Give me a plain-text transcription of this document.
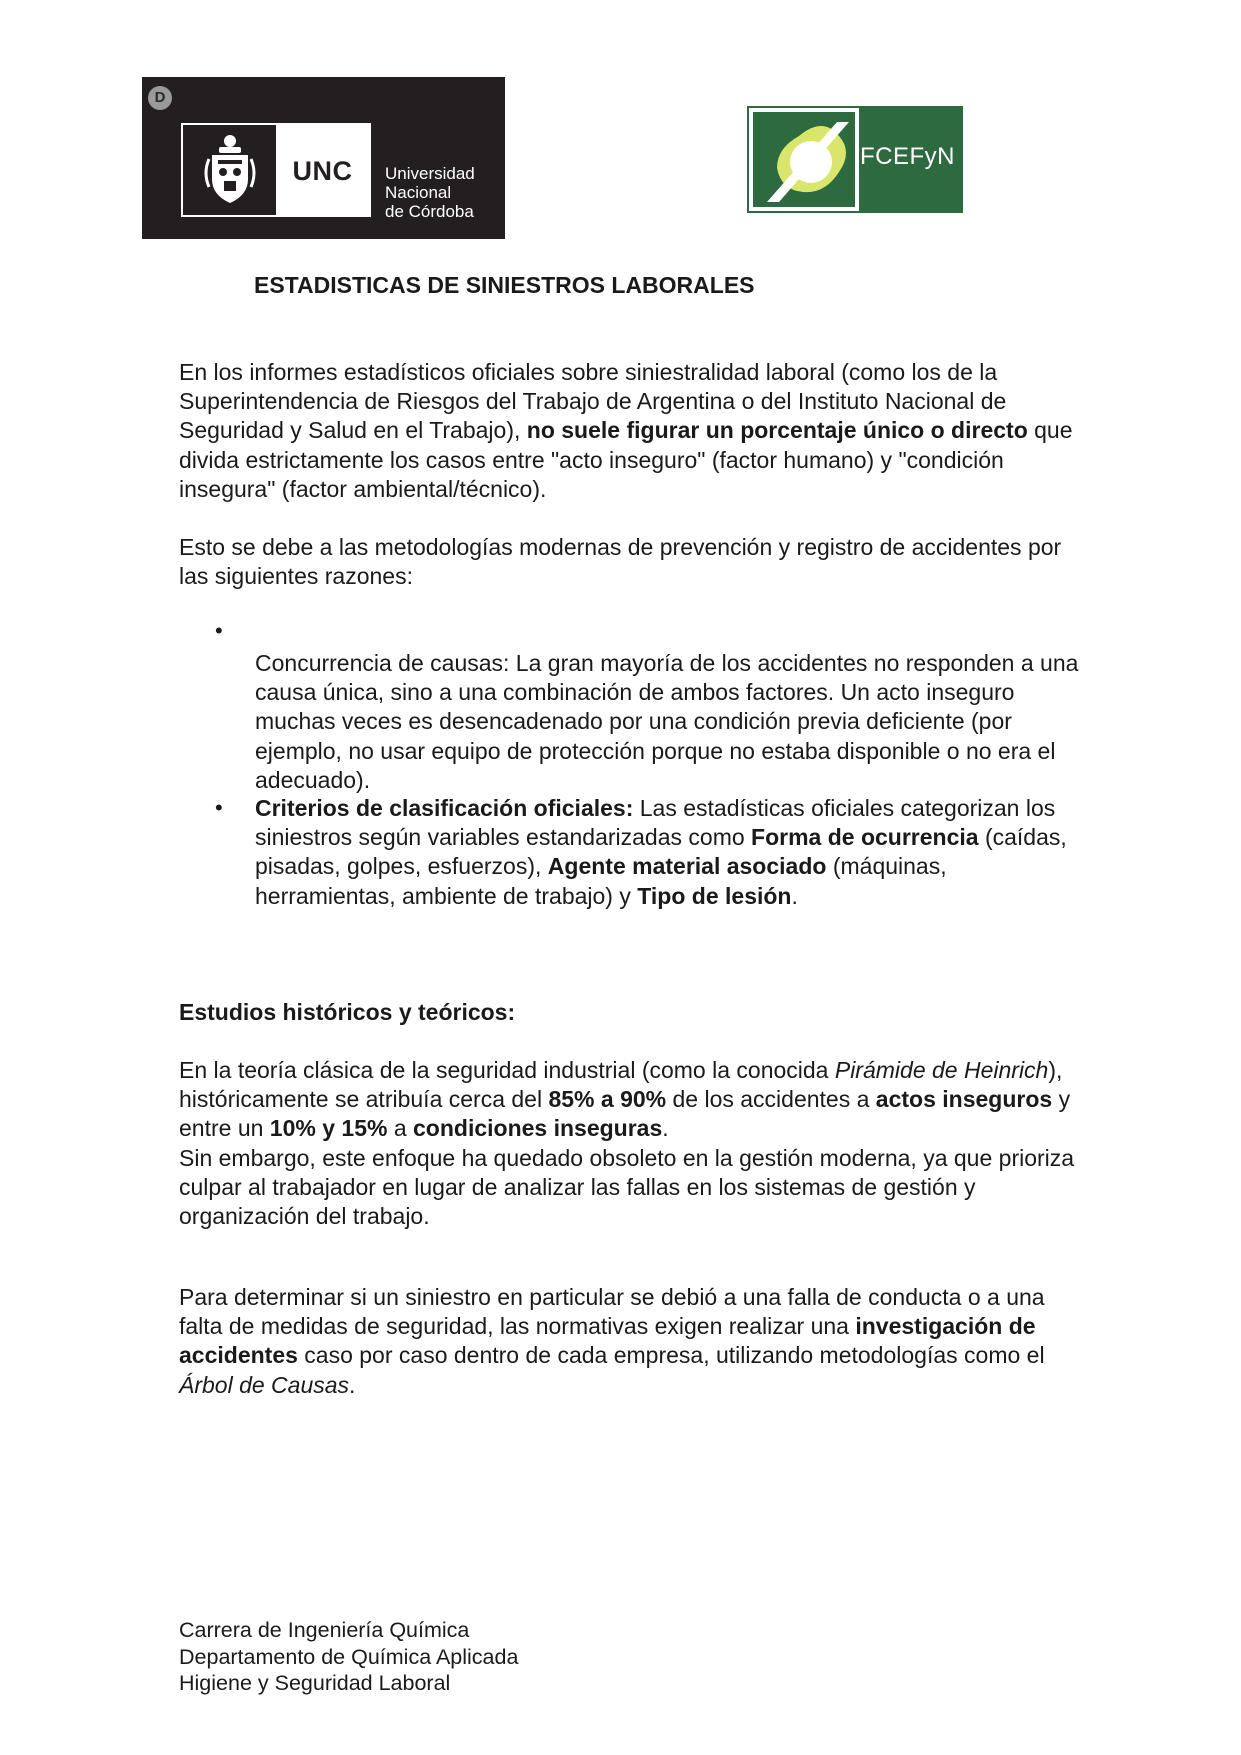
D
UNC	Universidad
Nacional
de Córdoba
FCEFyN
ESTADISTICAS DE SINIESTROS LABORALES
En los informes estadísticos oficiales sobre siniestralidad laboral (como los de la Superintendencia de Riesgos del Trabajo de Argentina o del Instituto Nacional de Seguridad y Salud en el Trabajo), no suele figurar un porcentaje único o directo que divida estrictamente los casos entre "acto inseguro" (factor humano) y "condición insegura" (factor ambiental/técnico).
Esto se debe a las metodologías modernas de prevención y registro de accidentes por las siguientes razones:
•
Concurrencia de causas: La gran mayoría de los accidentes no responden a una causa única, sino a una combinación de ambos factores. Un acto inseguro muchas veces es desencadenado por una condición previa deficiente (por ejemplo, no usar equipo de protección porque no estaba disponible o no era el adecuado).
• Criterios de clasificación oficiales: Las estadísticas oficiales categorizan los siniestros según variables estandarizadas como Forma de ocurrencia (caídas, pisadas, golpes, esfuerzos), Agente material asociado (máquinas, herramientas, ambiente de trabajo) y Tipo de lesión.
Estudios históricos y teóricos:
En la teoría clásica de la seguridad industrial (como la conocida Pirámide de Heinrich), históricamente se atribuía cerca del 85% a 90% de los accidentes a actos inseguros y entre un 10% y 15% a condiciones inseguras.
Sin embargo, este enfoque ha quedado obsoleto en la gestión moderna, ya que prioriza culpar al trabajador en lugar de analizar las fallas en los sistemas de gestión y organización del trabajo.
Para determinar si un siniestro en particular se debió a una falla de conducta o a una falta de medidas de seguridad, las normativas exigen realizar una investigación de accidentes caso por caso dentro de cada empresa, utilizando metodologías como el Árbol de Causas.
Carrera de Ingeniería Química
Departamento de Química Aplicada
Higiene y Seguridad Laboral
